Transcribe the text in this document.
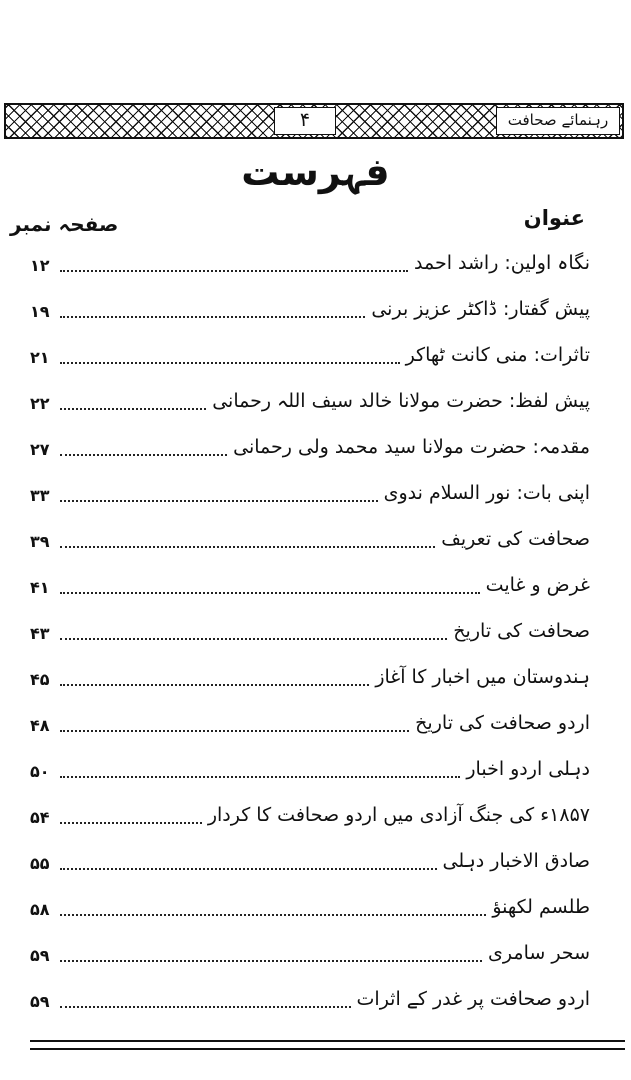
۴	رہنمائے صحافت
فہرست
عنوان
صفحہ نمبر
نگاہ اولین: راشد احمد
۱۲
پیش گفتار: ڈاکٹر عزیز برنی
۱۹
تاثرات: منی کانت ٹھاکر
۲۱
پیش لفظ: حضرت مولانا خالد سیف اللہ رحمانی
۲۲
مقدمہ: حضرت مولانا سید محمد ولی رحمانی
۲۷
اپنی بات: نور السلام ندوی
۳۳
صحافت کی تعریف
۳۹
غرض و غایت
۴۱
صحافت کی تاریخ
۴۳
ہندوستان میں اخبار کا آغاز
۴۵
اردو صحافت کی تاریخ
۴۸
دہلی اردو اخبار
۵۰
۱۸۵۷ء کی جنگ آزادی میں اردو صحافت کا کردار
۵۴
صادق الاخبار دہلی
۵۵
طلسم لکھنؤ
۵۸
سحر سامری
۵۹
اردو صحافت پر غدر کے اثرات
۵۹
